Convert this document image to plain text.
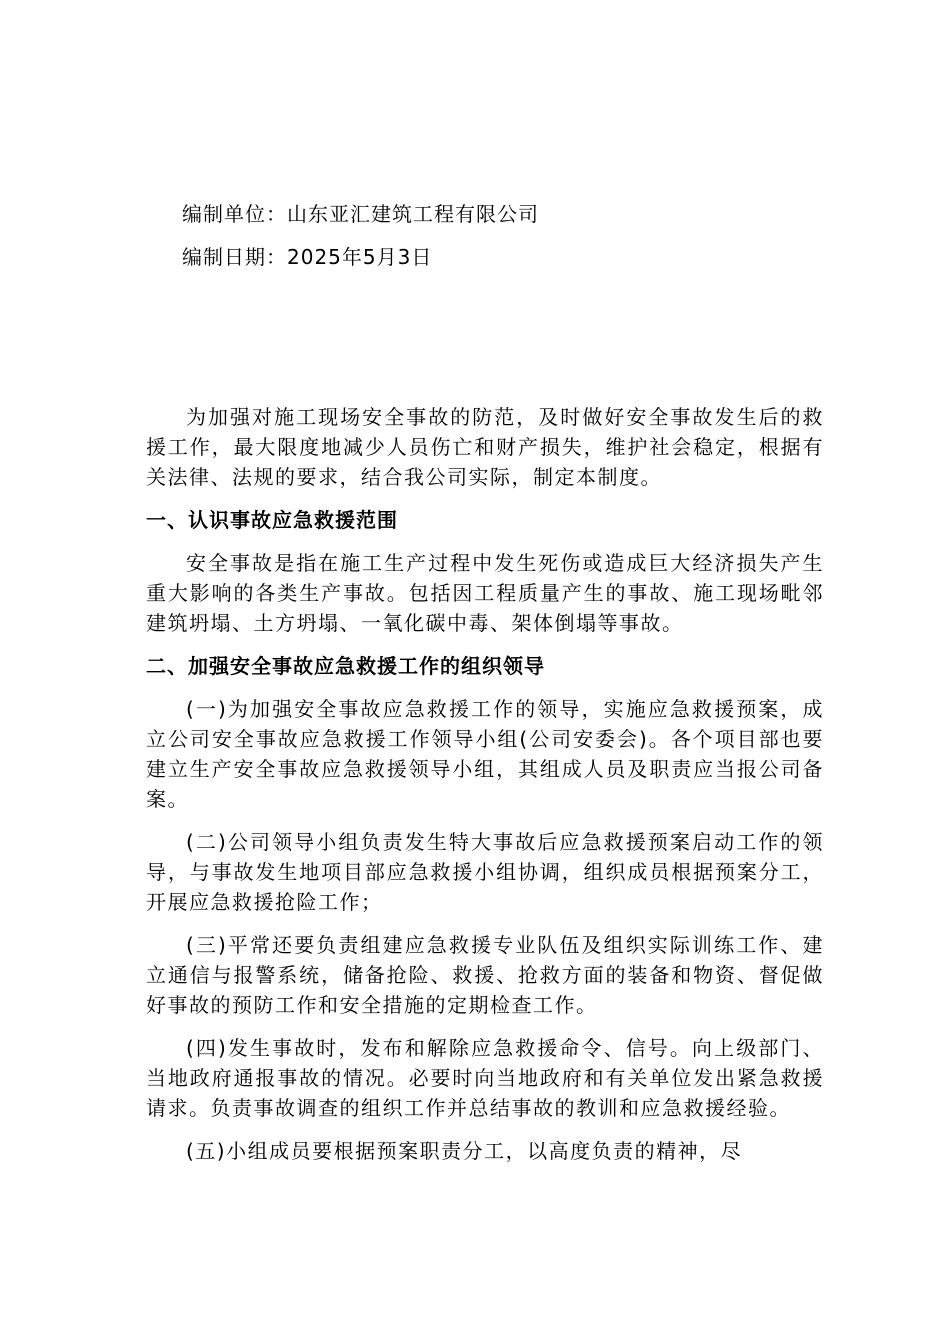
编制单位：山东亚汇建筑工程有限公司
编制日期：2025年5月3日

为加强对施工现场安全事故的防范，及时做好安全事故发生后的救援工作，最大限度地减少人员伤亡和财产损失，维护社会稳定，根据有关法律、法规的要求，结合我公司实际，制定本制度。

一、认识事故应急救援范围

安全事故是指在施工生产过程中发生死伤或造成巨大经济损失产生重大影响的各类生产事故。包括因工程质量产生的事故、施工现场毗邻建筑坍塌、土方坍塌、一氧化碳中毒、架体倒塌等事故。

二、加强安全事故应急救援工作的组织领导

(一)为加强安全事故应急救援工作的领导，实施应急救援预案，成立公司安全事故应急救援工作领导小组(公司安委会)。各个项目部也要建立生产安全事故应急救援领导小组，其组成人员及职责应当报公司备案。

(二)公司领导小组负责发生特大事故后应急救援预案启动工作的领导，与事故发生地项目部应急救援小组协调，组织成员根据预案分工，开展应急救援抢险工作；

(三)平常还要负责组建应急救援专业队伍及组织实际训练工作、建立通信与报警系统，储备抢险、救援、抢救方面的装备和物资、督促做好事故的预防工作和安全措施的定期检查工作。

(四)发生事故时，发布和解除应急救援命令、信号。向上级部门、当地政府通报事故的情况。必要时向当地政府和有关单位发出紧急救援请求。负责事故调查的组织工作并总结事故的教训和应急救援经验。

(五)小组成员要根据预案职责分工，以高度负责的精神，尽
